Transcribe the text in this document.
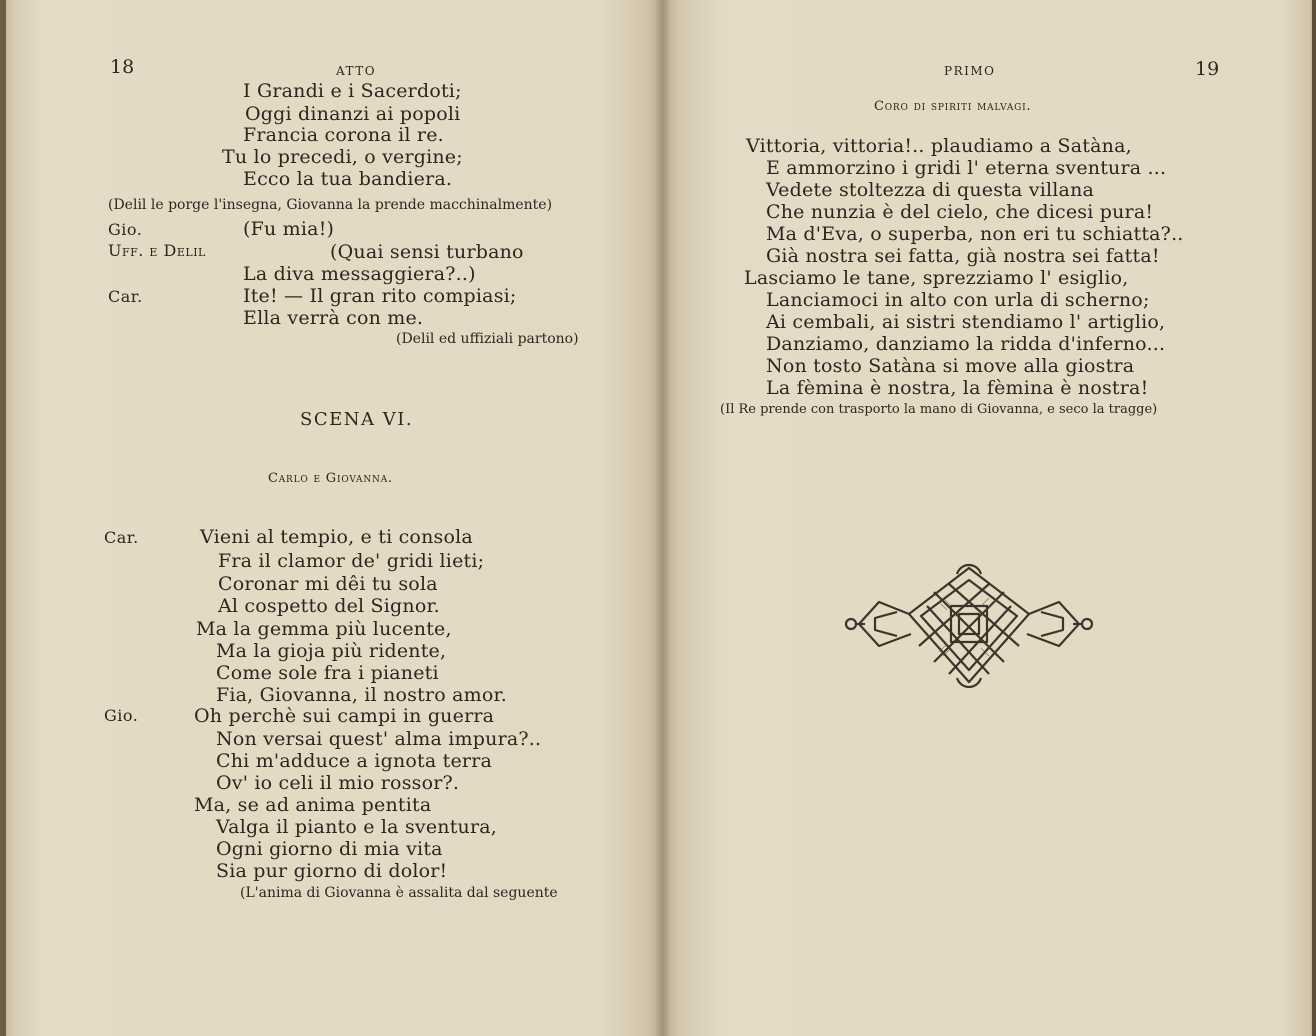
18	ATTO
I Grandi e i Sacerdoti;
Oggi dinanzi ai popoli
Francia corona il re.
Tu lo precedi, o vergine;
Ecco la tua bandiera.
(Delil le porge l'insegna, Giovanna la prende macchinalmente)
Gio.	(Fu mia!)
Uff. e Delil	(Quai sensi turbano
La diva messaggiera?..)
Car.	Ite! — Il gran rito compiasi;
Ella verrà con me.
(Delil ed uffiziali partono)
SCENA VI.
Carlo e Giovanna.
Car.	Vieni al tempio, e ti consola
Fra il clamor de' gridi lieti;
Coronar mi dêi tu sola
Al cospetto del Signor.
Ma la gemma più lucente,
Ma la gioja più ridente,
Come sole fra i pianeti
Fia, Giovanna, il nostro amor.
Gio.	Oh perchè sui campi in guerra
Non versai quest' alma impura?..
Chi m'adduce a ignota terra
Ov' io celi il mio rossor?.
Ma, se ad anima pentita
Valga il pianto e la sventura,
Ogni giorno di mia vita
Sia pur giorno di dolor!
(L'anima di Giovanna è assalita dal seguente
PRIMO	19
Coro di spiriti malvagi.
Vittoria, vittoria!.. plaudiamo a Satàna,
E ammorzino i gridi l' eterna sventura ...
Vedete stoltezza di questa villana
Che nunzia è del cielo, che dicesi pura!
Ma d'Eva, o superba, non eri tu schiatta?..
Già nostra sei fatta, già nostra sei fatta!
Lasciamo le tane, sprezziamo l' esiglio,
Lanciamoci in alto con urla di scherno;
Ai cembali, ai sistri stendiamo l' artiglio,
Danziamo, danziamo la ridda d'inferno...
Non tosto Satàna si move alla giostra
La fèmina è nostra, la fèmina è nostra!
(Il Re prende con trasporto la mano di Giovanna, e seco la tragge)
